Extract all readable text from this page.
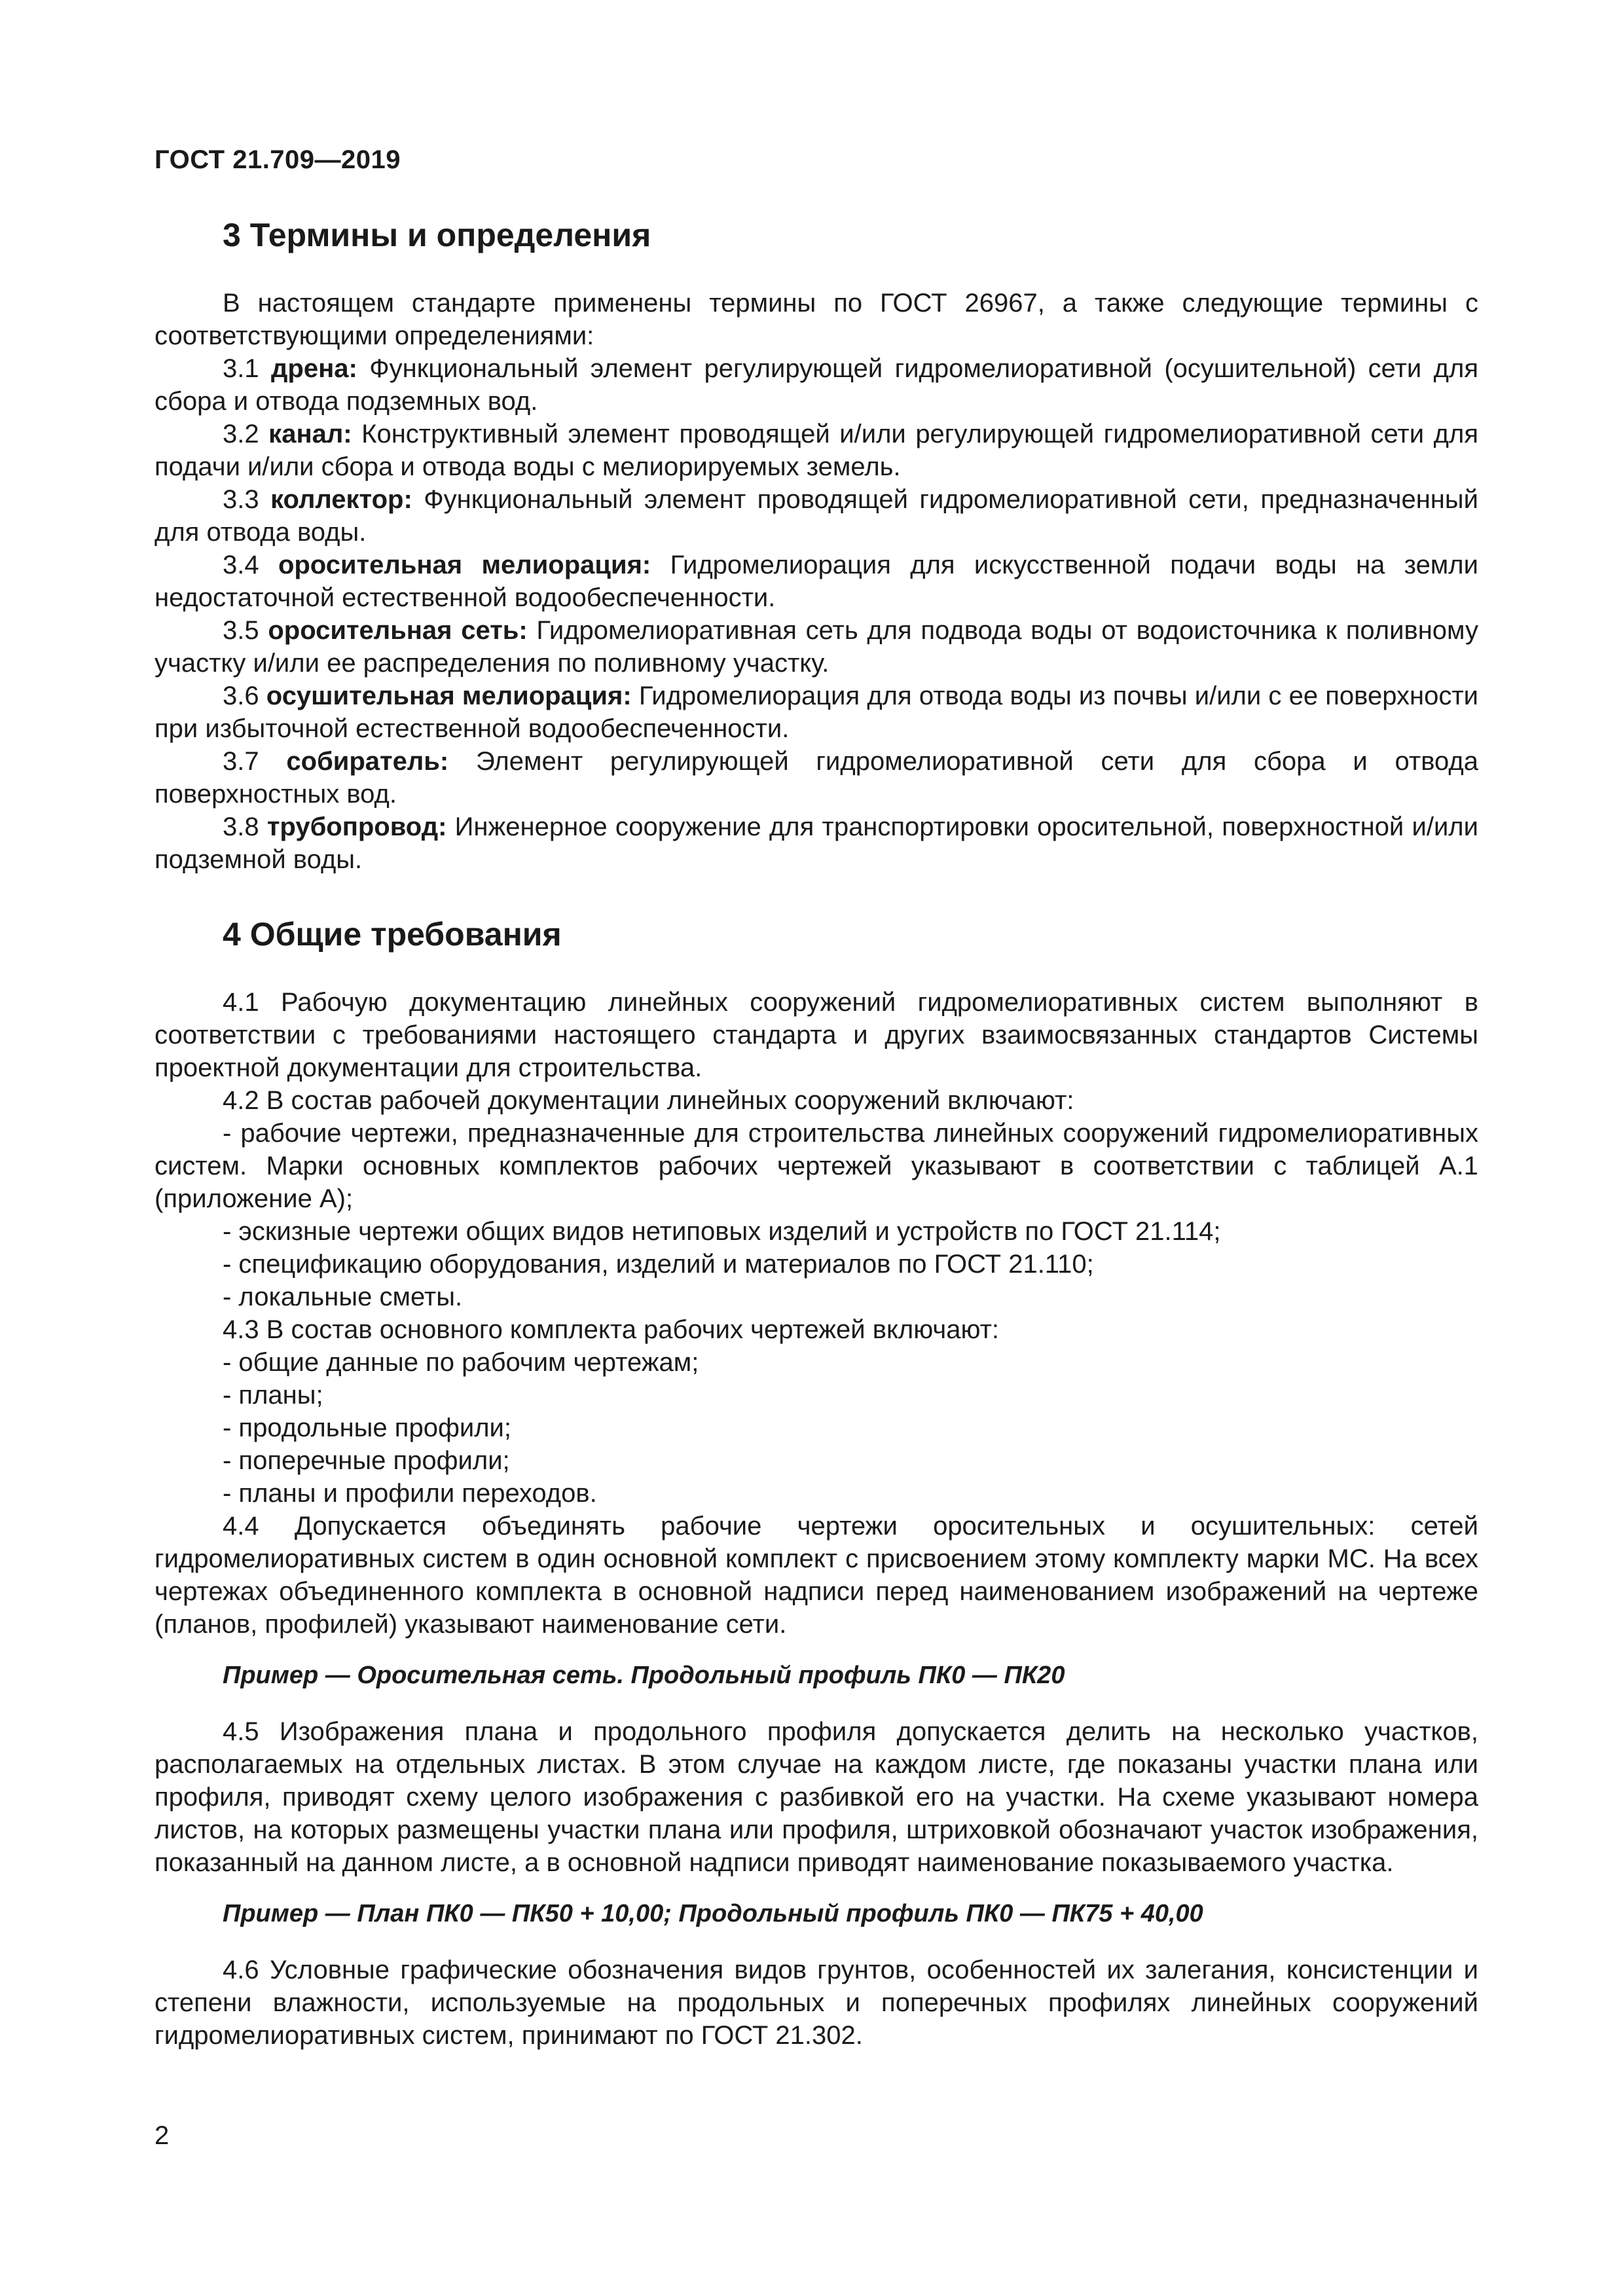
ГОСТ 21.709—2019
3 Термины и определения

В настоящем стандарте применены термины по ГОСТ 26967, а также следующие термины с соответствующими определениями:

3.1 дрена: Функциональный элемент регулирующей гидромелиоративной (осушительной) сети для сбора и отвода подземных вод.

3.2 канал: Конструктивный элемент проводящей и/или регулирующей гидромелиоративной сети для подачи и/или сбора и отвода воды с мелиорируемых земель.

3.3 коллектор: Функциональный элемент проводящей гидромелиоративной сети, предназначенный для отвода воды.

3.4 оросительная мелиорация: Гидромелиорация для искусственной подачи воды на земли недостаточной естественной водообеспеченности.

3.5 оросительная сеть: Гидромелиоративная сеть для подвода воды от водоисточника к поливному участку и/или ее распределения по поливному участку.

3.6 осушительная мелиорация: Гидромелиорация для отвода воды из почвы и/или с ее поверхности при избыточной естественной водообеспеченности.

3.7 собиратель: Элемент регулирующей гидромелиоративной сети для сбора и отвода поверхностных вод.

3.8 трубопровод: Инженерное сооружение для транспортировки оросительной, поверхностной и/или подземной воды.

4 Общие требования

4.1 Рабочую документацию линейных сооружений гидромелиоративных систем выполняют в соответствии с требованиями настоящего стандарта и других взаимосвязанных стандартов Системы проектной документации для строительства.

4.2 В состав рабочей документации линейных сооружений включают:

- рабочие чертежи, предназначенные для строительства линейных сооружений гидромелиоративных систем. Марки основных комплектов рабочих чертежей указывают в соответствии с таблицей А.1 (приложение А);

- эскизные чертежи общих видов нетиповых изделий и устройств по ГОСТ 21.114;

- спецификацию оборудования, изделий и материалов по ГОСТ 21.110;

- локальные сметы.

4.3 В состав основного комплекта рабочих чертежей включают:

- общие данные по рабочим чертежам;

- планы;

- продольные профили;

- поперечные профили;

- планы и профили переходов.

4.4 Допускается объединять рабочие чертежи оросительных и осушительных: сетей гидромелиоративных систем в один основной комплект с присвоением этому комплекту марки МС. На всех чертежах объединенного комплекта в основной надписи перед наименованием изображений на чертеже (планов, профилей) указывают наименование сети.

Пример — Оросительная сеть. Продольный профиль ПК0 — ПК20

4.5 Изображения плана и продольного профиля допускается делить на несколько участков, располагаемых на отдельных листах. В этом случае на каждом листе, где показаны участки плана или профиля, приводят схему целого изображения с разбивкой его на участки. На схеме указывают номера листов, на которых размещены участки плана или профиля, штриховкой обозначают участок изображения, показанный на данном листе, а в основной надписи приводят наименование показываемого участка.

Пример — План ПК0 — ПК50 + 10,00; Продольный профиль ПК0 — ПК75 + 40,00

4.6 Условные графические обозначения видов грунтов, особенностей их залегания, консистенции и степени влажности, используемые на продольных и поперечных профилях линейных сооружений гидромелиоративных систем, принимают по ГОСТ 21.302.

2
